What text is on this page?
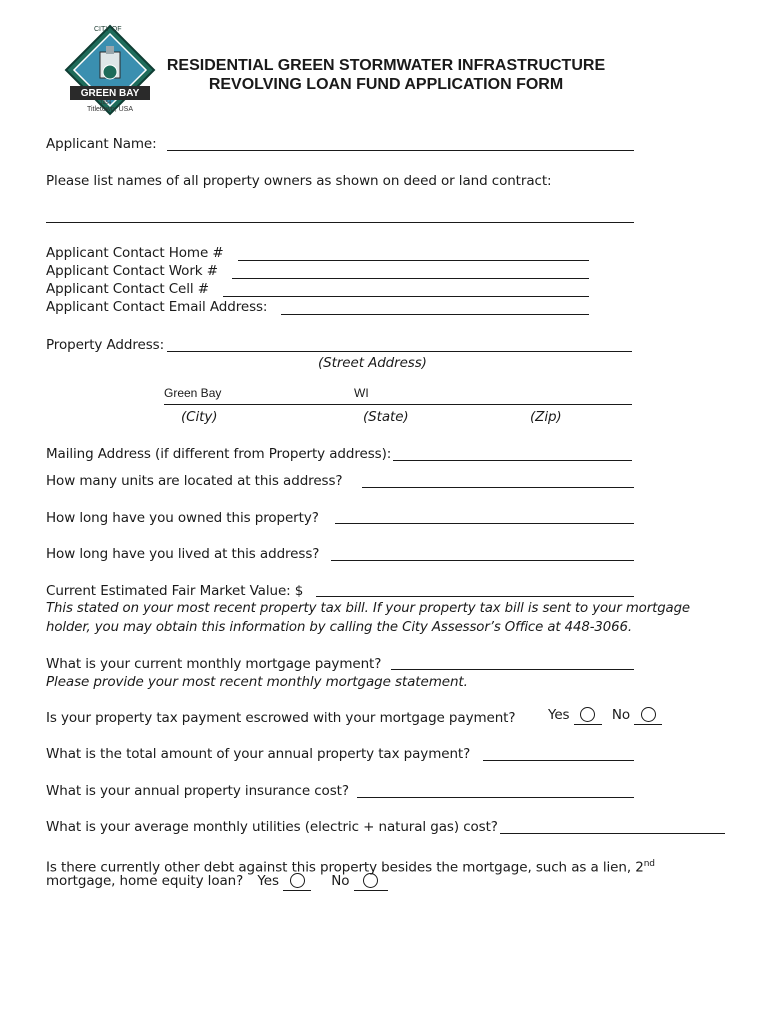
CITY OF
GREEN BAY
1854
Titletown, USA
RESIDENTIAL GREEN STORMWATER INFRASTRUCTURE
REVOLVING LOAN FUND APPLICATION FORM
Applicant Name:
Please list names of all property owners as shown on deed or land contract:
Applicant Contact Home #
Applicant Contact Work #
Applicant Contact Cell #
Applicant Contact Email Address:
Property Address:
(Street Address)
Green Bay	WI
(City)	(State)	(Zip)
Mailing Address (if different from Property address):
How many units are located at this address?
How long have you owned this property?
How long have you lived at this address?
Current Estimated Fair Market Value: $
This stated on your most recent property tax bill. If your property tax bill is sent to your mortgage
holder, you may obtain this information by calling the City Assessor’s Office at 448-3066.
What is your current monthly mortgage payment?
Please provide your most recent monthly mortgage statement.
Is your property tax payment escrowed with your mortgage payment? Yes	No
What is the total amount of your annual property tax payment?
What is your annual property insurance cost?
What is your average monthly utilities (electric + natural gas) cost?
Is there currently other debt against this property besides the mortgage, such as a lien, 2nd
mortgage, home equity loan? Yes	No
